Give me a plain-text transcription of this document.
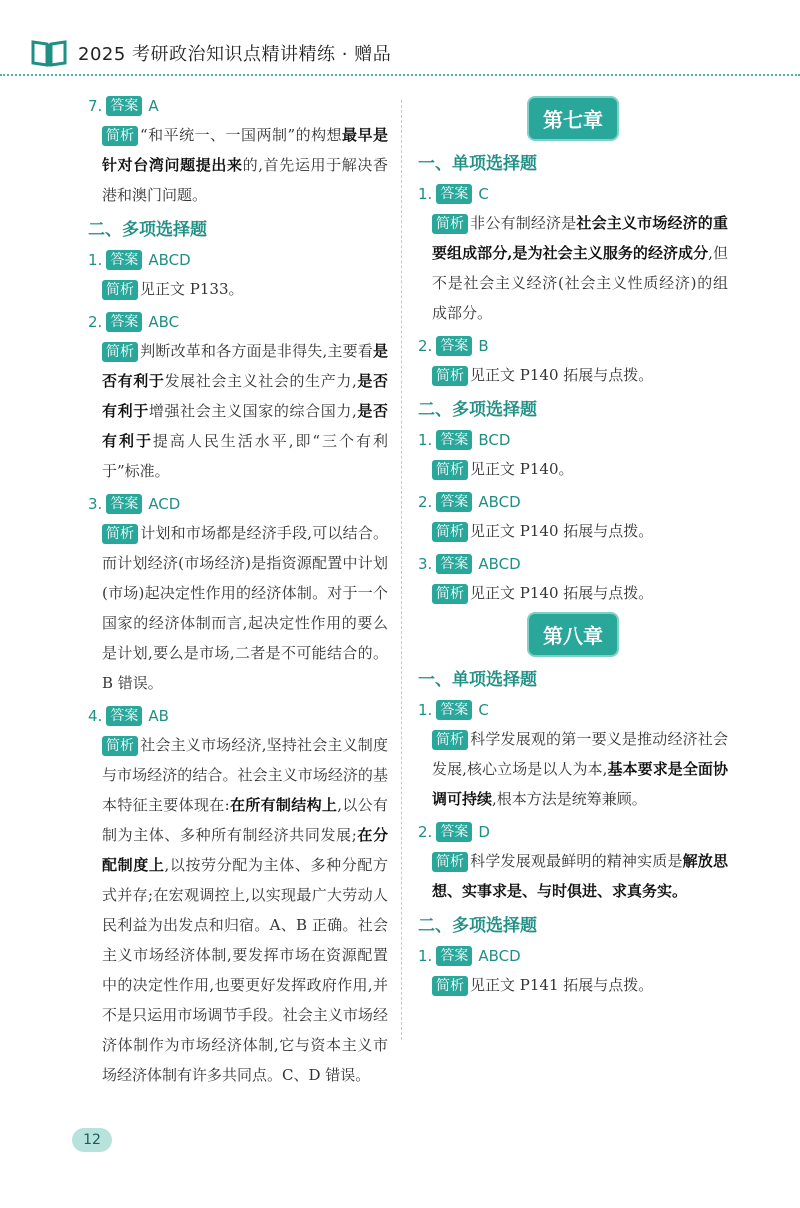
2025 考研政治知识点精讲精练 · 赠品
7. 答案 A
简析 “和平统一、一国两制”的构想最早是针对台湾问题提出来的,首先运用于解决香港和澳门问题。
二、多项选择题
1. 答案 ABCD
简析 见正文 P133。
2. 答案 ABC
简析 判断改革和各方面是非得失,主要看是否有利于发展社会主义社会的生产力,是否有利于增强社会主义国家的综合国力,是否有利于提高人民生活水平,即“三个有利于”标准。
3. 答案 ACD
简析 计划和市场都是经济手段,可以结合。而计划经济(市场经济)是指资源配置中计划(市场)起决定性作用的经济体制。对于一个国家的经济体制而言,起决定性作用的要么是计划,要么是市场,二者是不可能结合的。B 错误。
4. 答案 AB
简析 社会主义市场经济,坚持社会主义制度与市场经济的结合。社会主义市场经济的基本特征主要体现在:在所有制结构上,以公有制为主体、多种所有制经济共同发展;在分配制度上,以按劳分配为主体、多种分配方式并存;在宏观调控上,以实现最广大劳动人民利益为出发点和归宿。A、B 正确。社会主义市场经济体制,要发挥市场在资源配置中的决定性作用,也要更好发挥政府作用,并不是只运用市场调节手段。社会主义市场经济体制作为市场经济体制,它与资本主义市场经济体制有许多共同点。C、D 错误。
第七章
一、单项选择题
1. 答案 C
简析 非公有制经济是社会主义市场经济的重要组成部分,是为社会主义服务的经济成分,但不是社会主义经济(社会主义性质经济)的组成部分。
2. 答案 B
简析 见正文 P140 拓展与点拨。
二、多项选择题
1. 答案 BCD
简析 见正文 P140。
2. 答案 ABCD
简析 见正文 P140 拓展与点拨。
3. 答案 ABCD
简析 见正文 P140 拓展与点拨。
第八章
一、单项选择题
1. 答案 C
简析 科学发展观的第一要义是推动经济社会发展,核心立场是以人为本,基本要求是全面协调可持续,根本方法是统筹兼顾。
2. 答案 D
简析 科学发展观最鲜明的精神实质是解放思想、实事求是、与时俱进、求真务实。
二、多项选择题
1. 答案 ABCD
简析 见正文 P141 拓展与点拨。
12
